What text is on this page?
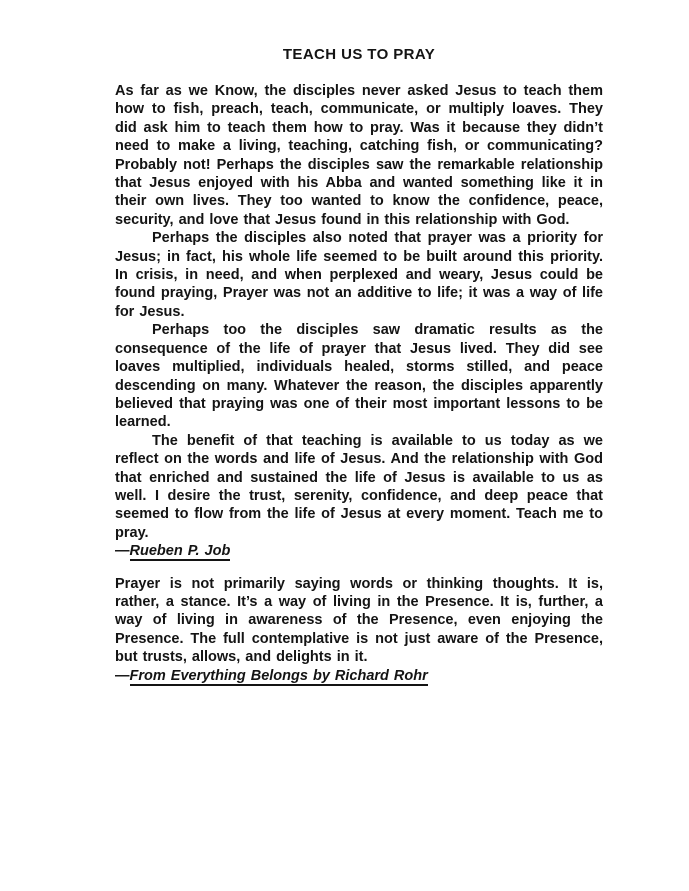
TEACH US TO PRAY

As far as we Know, the disciples never asked Jesus to teach them how to fish, preach, teach, communicate, or multiply loaves. They did ask him to teach them how to pray. Was it because they didn’t need to make a living, teaching, catching fish, or communicating? Probably not! Perhaps the disciples saw the remarkable relationship that Jesus enjoyed with his Abba and wanted something like it in their own lives. They too wanted to know the confidence, peace, security, and love that Jesus found in this relationship with God.

Perhaps the disciples also noted that prayer was a priority for Jesus; in fact, his whole life seemed to be built around this priority. In crisis, in need, and when perplexed and weary, Jesus could be found praying, Prayer was not an additive to life; it was a way of life for Jesus.

Perhaps too the disciples saw dramatic results as the consequence of the life of prayer that Jesus lived. They did see loaves multiplied, individuals healed, storms stilled, and peace descending on many. Whatever the reason, the disciples apparently believed that praying was one of their most important lessons to be learned.

The benefit of that teaching is available to us today as we reflect on the words and life of Jesus. And the relationship with God that enriched and sustained the life of Jesus is available to us as well. I desire the trust, serenity, confidence, and deep peace that seemed to flow from the life of Jesus at every moment. Teach me to pray.

—Rueben P. Job

Prayer is not primarily saying words or thinking thoughts. It is, rather, a stance. It’s a way of living in the Presence. It is, further, a way of living in awareness of the Presence, even enjoying the Presence. The full contemplative is not just aware of the Presence, but trusts, allows, and delights in it.

—From Everything Belongs by Richard Rohr
